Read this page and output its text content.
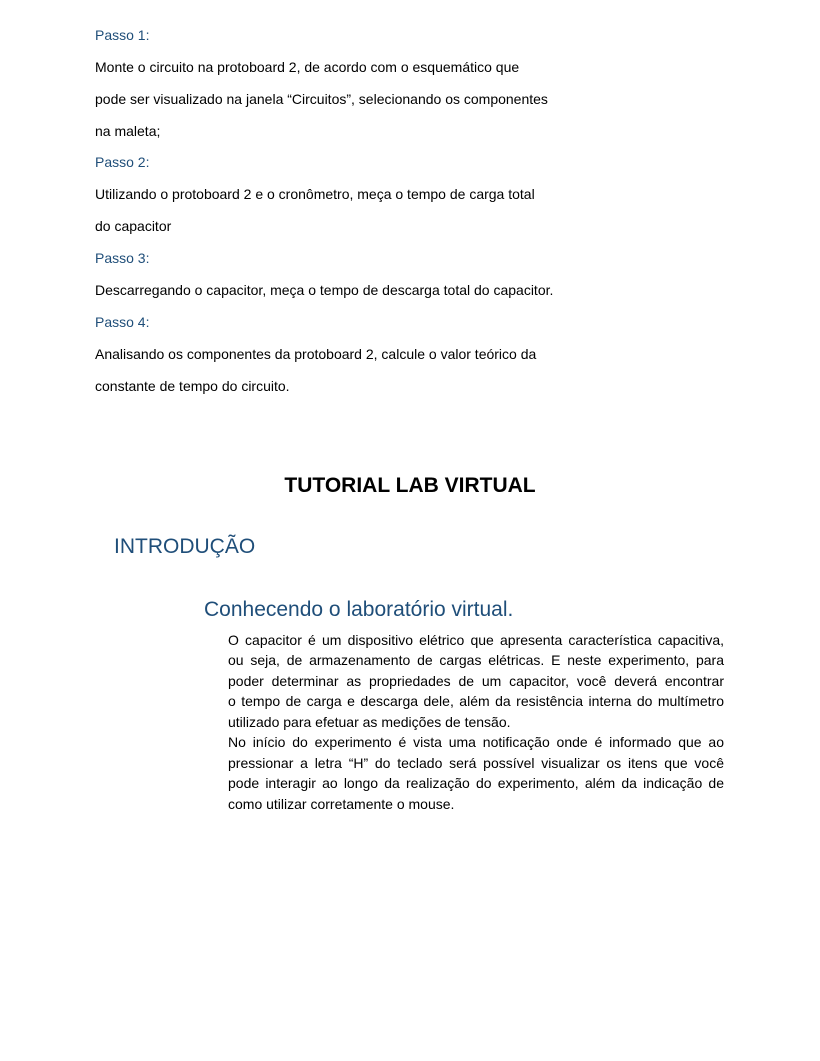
Passo 1:
Monte o circuito na protoboard 2, de acordo com o esquemático que
pode ser visualizado na janela “Circuitos”, selecionando os componentes
na maleta;
Passo 2:
Utilizando o protoboard 2 e o cronômetro, meça o tempo de carga total
do capacitor
Passo 3:
Descarregando o capacitor, meça o tempo de descarga total do capacitor.
Passo 4:
Analisando os componentes da protoboard 2, calcule o valor teórico da
constante de tempo do circuito.
TUTORIAL LAB VIRTUAL
INTRODUÇÃO
Conhecendo o laboratório virtual.
O capacitor é um dispositivo elétrico que apresenta característica capacitiva,
ou seja, de armazenamento de cargas elétricas. E neste experimento, para
poder determinar as propriedades de um capacitor, você deverá encontrar
o tempo de carga e descarga dele, além da resistência interna do multímetro
utilizado para efetuar as medições de tensão.
No início do experimento é vista uma notificação onde é informado que ao
pressionar a letra “H” do teclado será possível visualizar os itens que você
pode interagir ao longo da realização do experimento, além da indicação de
como utilizar corretamente o mouse.
